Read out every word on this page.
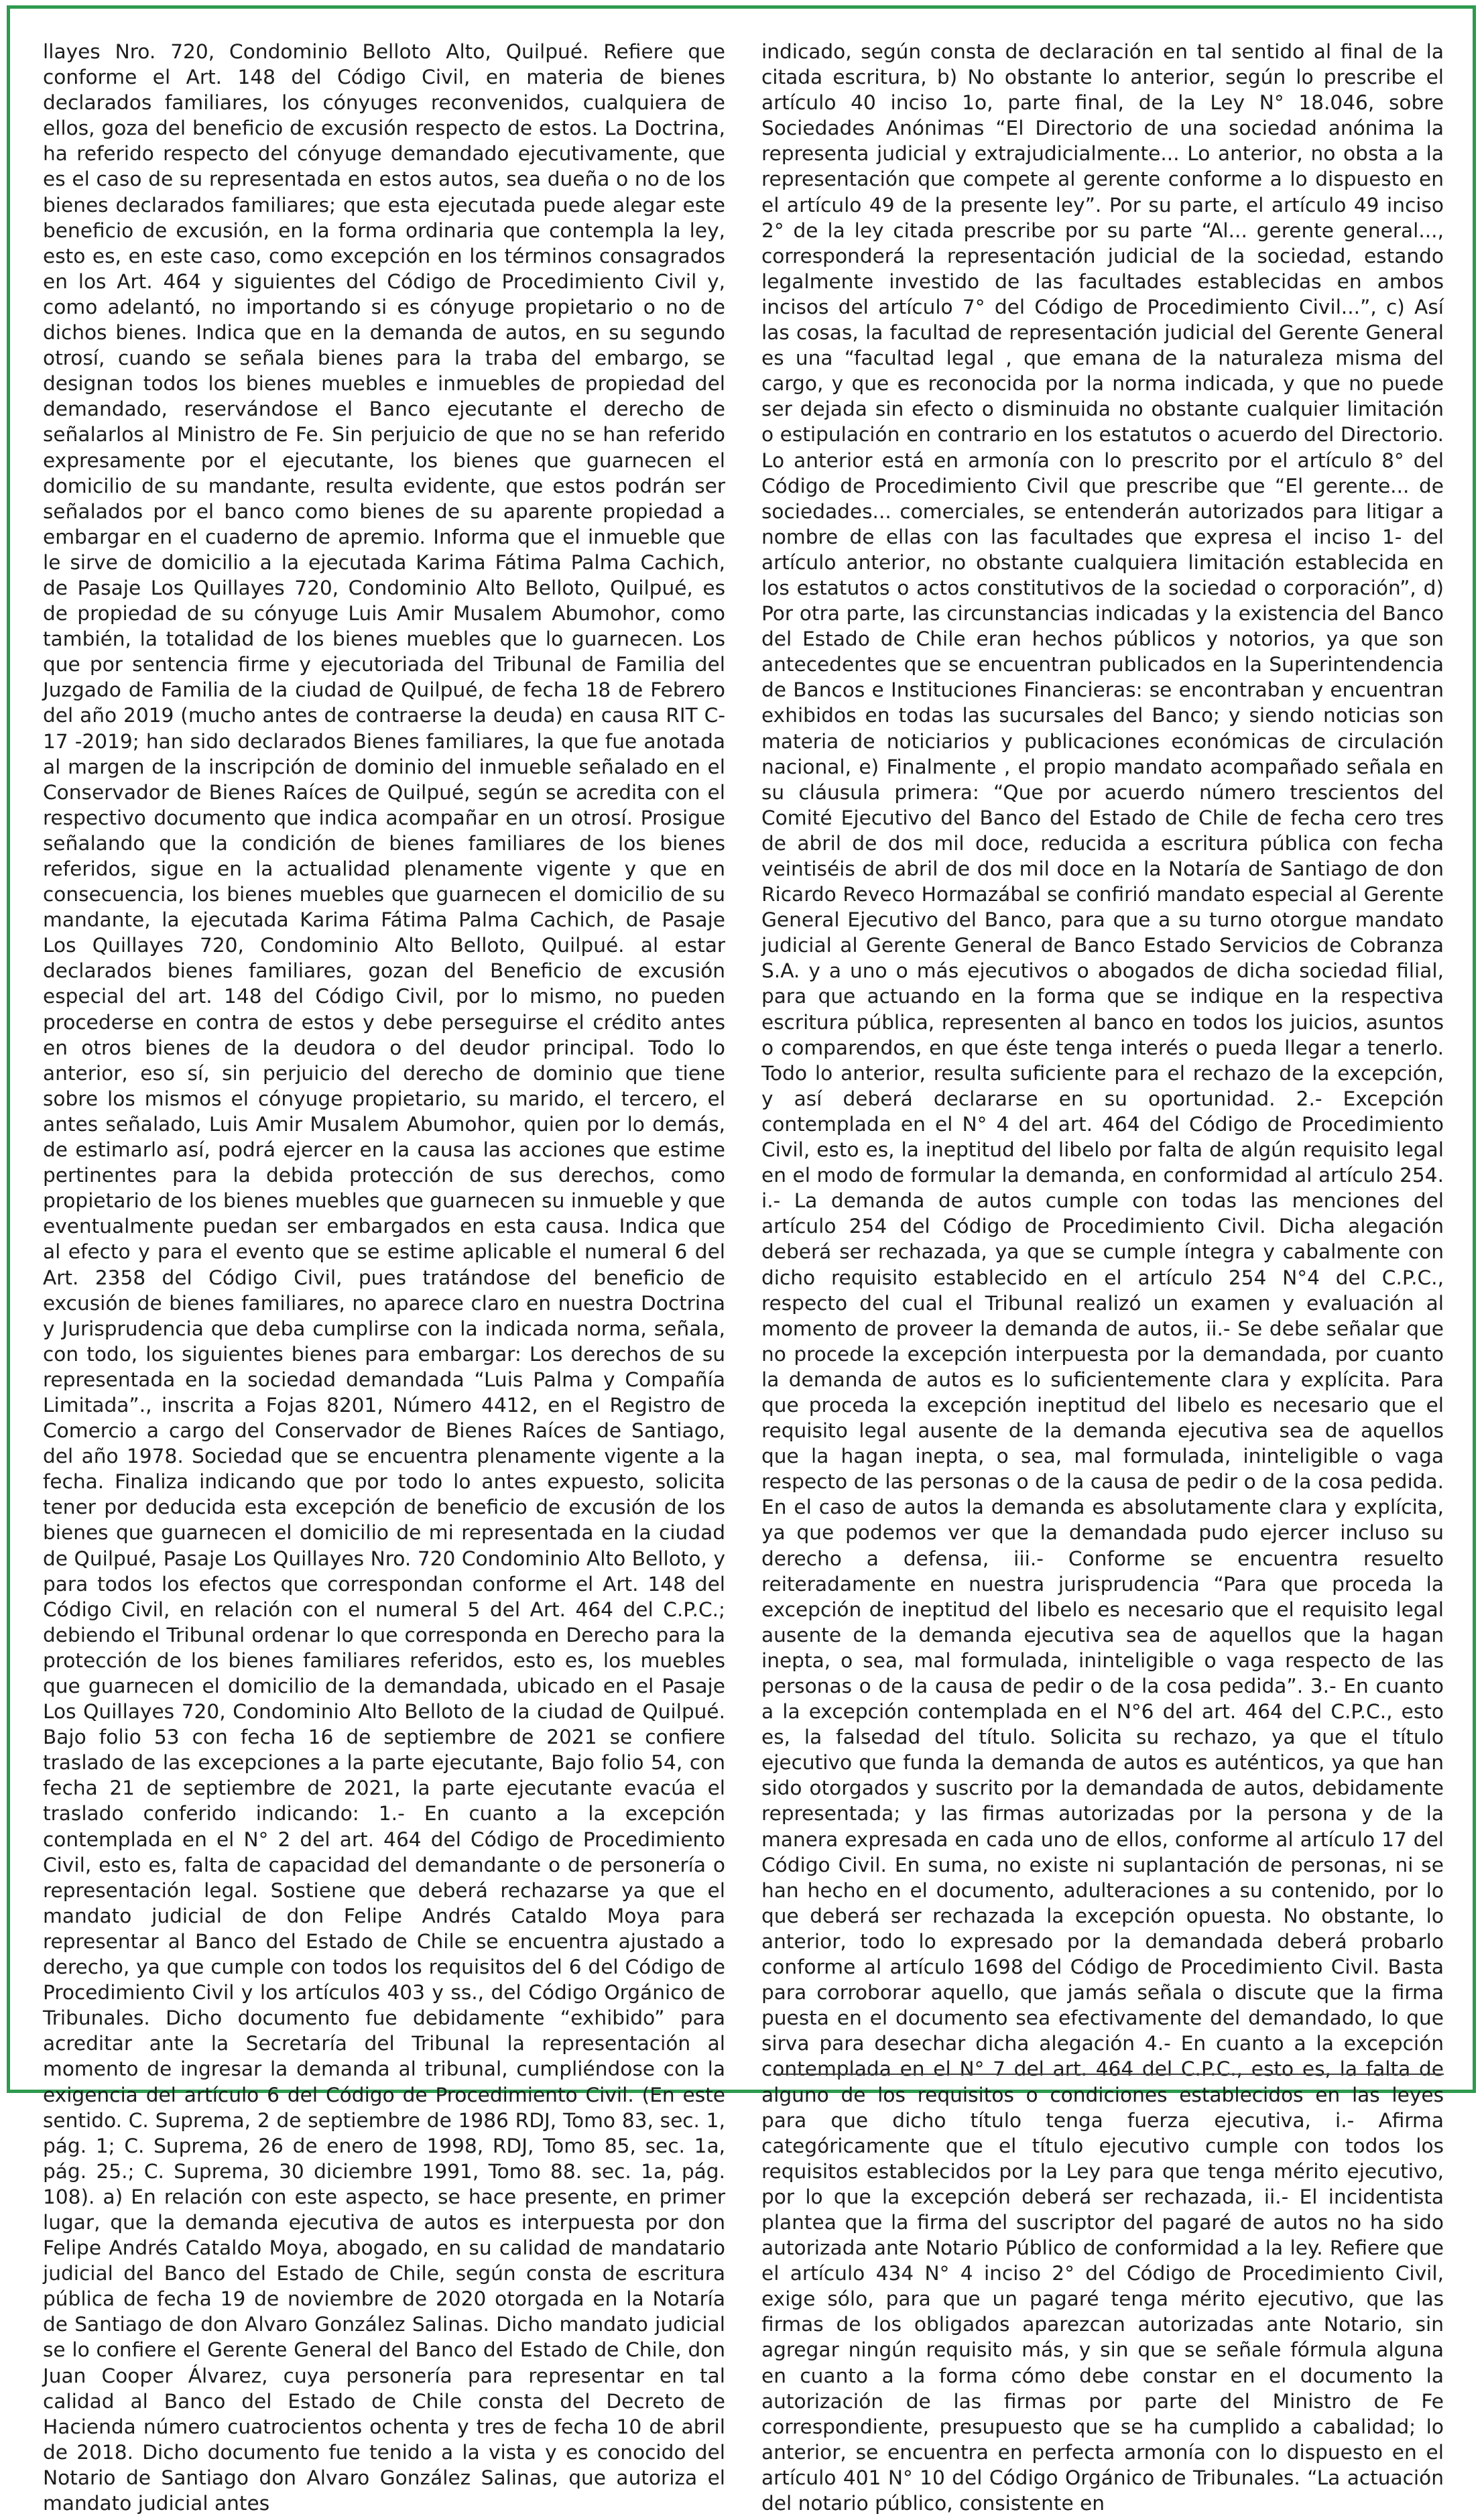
llayes Nro. 720, Condominio Belloto Alto, Quilpué. Refiere que conforme el Art. 148 del Código Civil, en materia de bienes declarados familiares, los cónyuges reconvenidos, cualquiera de ellos, goza del beneficio de excusión respecto de estos. La Doctrina, ha referido respecto del cónyuge demandado ejecutivamente, que es el caso de su representada en estos autos, sea dueña o no de los bienes declarados familiares; que esta ejecutada puede alegar este beneficio de excusión, en la forma ordinaria que contempla la ley, esto es, en este caso, como excepción en los términos consagrados en los Art. 464 y siguientes del Código de Procedimiento Civil y, como adelantó, no importando si es cónyuge propietario o no de dichos bienes. Indica que en la demanda de autos, en su segundo otrosí, cuando se señala bienes para la traba del embargo, se designan todos los bienes muebles e inmuebles de propiedad del demandado, reservándose el Banco ejecutante el derecho de señalarlos al Ministro de Fe. Sin perjuicio de que no se han referido expresamente por el ejecutante, los bienes que guarnecen el domicilio de su mandante, resulta evidente, que estos podrán ser señalados por el banco como bienes de su aparente propiedad a embargar en el cuaderno de apremio. Informa que el inmueble que le sirve de domicilio a la ejecutada Karima Fátima Palma Cachich, de Pasaje Los Quillayes 720, Condominio Alto Belloto, Quilpué, es de propiedad de su cónyuge Luis Amir Musalem Abumohor, como también, la totalidad de los bienes muebles que lo guarnecen. Los que por sentencia firme y ejecutoriada del Tribunal de Familia del Juzgado de Familia de la ciudad de Quilpué, de fecha 18 de Febrero del año 2019 (mucho antes de contraerse la deuda) en causa RIT C- 17 -2019; han sido declarados Bienes familiares, la que fue anotada al margen de la inscripción de dominio del inmueble señalado en el Conservador de Bienes Raíces de Quilpué, según se acredita con el respectivo documento que indica acompañar en un otrosí. Prosigue señalando que la condición de bienes familiares de los bienes referidos, sigue en la actualidad plenamente vigente y que en consecuencia, los bienes muebles que guarnecen el domicilio de su mandante, la ejecutada Karima Fátima Palma Cachich, de Pasaje Los Quillayes 720, Condominio Alto Belloto, Quilpué. al estar declarados bienes familiares, gozan del Beneficio de excusión especial del art. 148 del Código Civil, por lo mismo, no pueden procederse en contra de estos y debe perseguirse el crédito antes en otros bienes de la deudora o del deudor principal. Todo lo anterior, eso sí, sin perjuicio del derecho de dominio que tiene sobre los mismos el cónyuge propietario, su marido, el tercero, el antes señalado, Luis Amir Musalem Abumohor, quien por lo demás, de estimarlo así, podrá ejercer en la causa las acciones que estime pertinentes para la debida protección de sus derechos, como propietario de los bienes muebles que guarnecen su inmueble y que eventualmente puedan ser embargados en esta causa. Indica que al efecto y para el evento que se estime aplicable el numeral 6 del Art. 2358 del Código Civil, pues tratándose del beneficio de excusión de bienes familiares, no aparece claro en nuestra Doctrina y Jurisprudencia que deba cumplirse con la indicada norma, señala, con todo, los siguientes bienes para embargar: Los derechos de su representada en la sociedad demandada “Luis Palma y Compañía Limitada”., inscrita a Fojas 8201, Número 4412, en el Registro de Comercio a cargo del Conservador de Bienes Raíces de Santiago, del año 1978. Sociedad que se encuentra plenamente vigente a la fecha. Finaliza indicando que por todo lo antes expuesto, solicita tener por deducida esta excepción de beneficio de excusión de los bienes que guarnecen el domicilio de mi representada en la ciudad de Quilpué, Pasaje Los Quillayes Nro. 720 Condominio Alto Belloto, y para todos los efectos que correspondan conforme el Art. 148 del Código Civil, en relación con el numeral 5 del Art. 464 del C.P.C.; debiendo el Tribunal ordenar lo que corresponda en Derecho para la protección de los bienes familiares referidos, esto es, los muebles que guarnecen el domicilio de la demandada, ubicado en el Pasaje Los Quillayes 720, Condominio Alto Belloto de la ciudad de Quilpué. Bajo folio 53 con fecha 16 de septiembre de 2021 se confiere traslado de las excepciones a la parte ejecutante, Bajo folio 54, con fecha 21 de septiembre de 2021, la parte ejecutante evacúa el traslado conferido indicando: 1.- En cuanto a la excepción contemplada en el N° 2 del art. 464 del Código de Procedimiento Civil, esto es, falta de capacidad del demandante o de personería o representación legal. Sostiene que deberá rechazarse ya que el mandato judicial de don Felipe Andrés Cataldo Moya para representar al Banco del Estado de Chile se encuentra ajustado a derecho, ya que cumple con todos los requisitos del 6 del Código de Procedimiento Civil y los artículos 403 y ss., del Código Orgánico de Tribunales. Dicho documento fue debidamente “exhibido” para acreditar ante la Secretaría del Tribunal la representación al momento de ingresar la demanda al tribunal, cumpliéndose con la exigencia del artículo 6 del Código de Procedimiento Civil. (En este sentido. C. Suprema, 2 de septiembre de 1986 RDJ, Tomo 83, sec. 1, pág. 1; C. Suprema, 26 de enero de 1998, RDJ, Tomo 85, sec. 1a, pág. 25.; C. Suprema, 30 diciembre 1991, Tomo 88. sec. 1a, pág. 108). a) En relación con este aspecto, se hace presente, en primer lugar, que la demanda ejecutiva de autos es interpuesta por don Felipe Andrés Cataldo Moya, abogado, en su calidad de mandatario judicial del Banco del Estado de Chile, según consta de escritura pública de fecha 19 de noviembre de 2020 otorgada en la Notaría de Santiago de don Alvaro González Salinas. Dicho mandato judicial se lo confiere el Gerente General del Banco del Estado de Chile, don Juan Cooper Álvarez, cuya personería para representar en tal calidad al Banco del Estado de Chile consta del Decreto de Hacienda número cuatrocientos ochenta y tres de fecha 10 de abril de 2018. Dicho documento fue tenido a la vista y es conocido del Notario de Santiago don Alvaro González Salinas, que autoriza el mandato judicial antes

indicado, según consta de declaración en tal sentido al final de la citada escritura, b) No obstante lo anterior, según lo prescribe el artículo 40 inciso 1o, parte final, de la Ley N° 18.046, sobre Sociedades Anónimas “El Directorio de una sociedad anónima la representa judicial y extrajudicialmente... Lo anterior, no obsta a la representación que compete al gerente conforme a lo dispuesto en el artículo 49 de la presente ley”. Por su parte, el artículo 49 inciso 2° de la ley citada prescribe por su parte “Al... gerente general..., corresponderá la representación judicial de la sociedad, estando legalmente investido de las facultades establecidas en ambos incisos del artículo 7° del Código de Procedimiento Civil...”, c) Así las cosas, la facultad de representación judicial del Gerente General es una “facultad legal , que emana de la naturaleza misma del cargo, y que es reconocida por la norma indicada, y que no puede ser dejada sin efecto o disminuida no obstante cualquier limitación o estipulación en contrario en los estatutos o acuerdo del Directorio. Lo anterior está en armonía con lo prescrito por el artículo 8° del Código de Procedimiento Civil que prescribe que “El gerente... de sociedades... comerciales, se entenderán autorizados para litigar a nombre de ellas con las facultades que expresa el inciso 1- del artículo anterior, no obstante cualquiera limitación establecida en los estatutos o actos constitutivos de la sociedad o corporación”, d) Por otra parte, las circunstancias indicadas y la existencia del Banco del Estado de Chile eran hechos públicos y notorios, ya que son antecedentes que se encuentran publicados en la Superintendencia de Bancos e Instituciones Financieras: se encontraban y encuentran exhibidos en todas las sucursales del Banco; y siendo noticias son materia de noticiarios y publicaciones económicas de circulación nacional, e) Finalmente , el propio mandato acompañado señala en su cláusula primera: “Que por acuerdo número trescientos del Comité Ejecutivo del Banco del Estado de Chile de fecha cero tres de abril de dos mil doce, reducida a escritura pública con fecha veintiséis de abril de dos mil doce en la Notaría de Santiago de don Ricardo Reveco Hormazábal se confirió mandato especial al Gerente General Ejecutivo del Banco, para que a su turno otorgue mandato judicial al Gerente General de Banco Estado Servicios de Cobranza S.A. y a uno o más ejecutivos o abogados de dicha sociedad filial, para que actuando en la forma que se indique en la respectiva escritura pública, representen al banco en todos los juicios, asuntos o comparendos, en que éste tenga interés o pueda llegar a tenerlo. Todo lo anterior, resulta suficiente para el rechazo de la excepción, y así deberá declararse en su oportunidad. 2.- Excepción contemplada en el N° 4 del art. 464 del Código de Procedimiento Civil, esto es, la ineptitud del libelo por falta de algún requisito legal en el modo de formular la demanda, en conformidad al artículo 254. i.- La demanda de autos cumple con todas las menciones del artículo 254 del Código de Procedimiento Civil. Dicha alegación deberá ser rechazada, ya que se cumple íntegra y cabalmente con dicho requisito establecido en el artículo 254 N°4 del C.P.C., respecto del cual el Tribunal realizó un examen y evaluación al momento de proveer la demanda de autos, ii.- Se debe señalar que no procede la excepción interpuesta por la demandada, por cuanto la demanda de autos es lo suficientemente clara y explícita. Para que proceda la excepción ineptitud del libelo es necesario que el requisito legal ausente de la demanda ejecutiva sea de aquellos que la hagan inepta, o sea, mal formulada, ininteligible o vaga respecto de las personas o de la causa de pedir o de la cosa pedida. En el caso de autos la demanda es absolutamente clara y explícita, ya que podemos ver que la demandada pudo ejercer incluso su derecho a defensa, iii.- Conforme se encuentra resuelto reiteradamente en nuestra jurisprudencia “Para que proceda la excepción de ineptitud del libelo es necesario que el requisito legal ausente de la demanda ejecutiva sea de aquellos que la hagan inepta, o sea, mal formulada, ininteligible o vaga respecto de las personas o de la causa de pedir o de la cosa pedida”. 3.- En cuanto a la excepción contemplada en el N°6 del art. 464 del C.P.C., esto es, la falsedad del título. Solicita su rechazo, ya que el título ejecutivo que funda la demanda de autos es auténticos, ya que han sido otorgados y suscrito por la demandada de autos, debidamente representada; y las firmas autorizadas por la persona y de la manera expresada en cada uno de ellos, conforme al artículo 17 del Código Civil. En suma, no existe ni suplantación de personas, ni se han hecho en el documento, adulteraciones a su contenido, por lo que deberá ser rechazada la excepción opuesta. No obstante, lo anterior, todo lo expresado por la demandada deberá probarlo conforme al artículo 1698 del Código de Procedimiento Civil. Basta para corroborar aquello, que jamás señala o discute que la firma puesta en el documento sea efectivamente del demandado, lo que sirva para desechar dicha alegación 4.- En cuanto a la excepción contemplada en el N° 7 del art. 464 del C.P.C., esto es, la falta de alguno de los requisitos o condiciones establecidos en las leyes para que dicho título tenga fuerza ejecutiva, i.- Afirma categóricamente que el título ejecutivo cumple con todos los requisitos establecidos por la Ley para que tenga mérito ejecutivo, por lo que la excepción deberá ser rechazada, ii.- El incidentista plantea que la firma del suscriptor del pagaré de autos no ha sido autorizada ante Notario Público de conformidad a la ley. Refiere que el artículo 434 N° 4 inciso 2° del Código de Procedimiento Civil, exige sólo, para que un pagaré tenga mérito ejecutivo, que las firmas de los obligados aparezcan autorizadas ante Notario, sin agregar ningún requisito más, y sin que se señale fórmula alguna en cuanto a la forma cómo debe constar en el documento la autorización de las firmas por parte del Ministro de Fe correspondiente, presupuesto que se ha cumplido a cabalidad; lo anterior, se encuentra en perfecta armonía con lo dispuesto en el artículo 401 N° 10 del Código Orgánico de Tribunales. “La actuación del notario público, consistente en
